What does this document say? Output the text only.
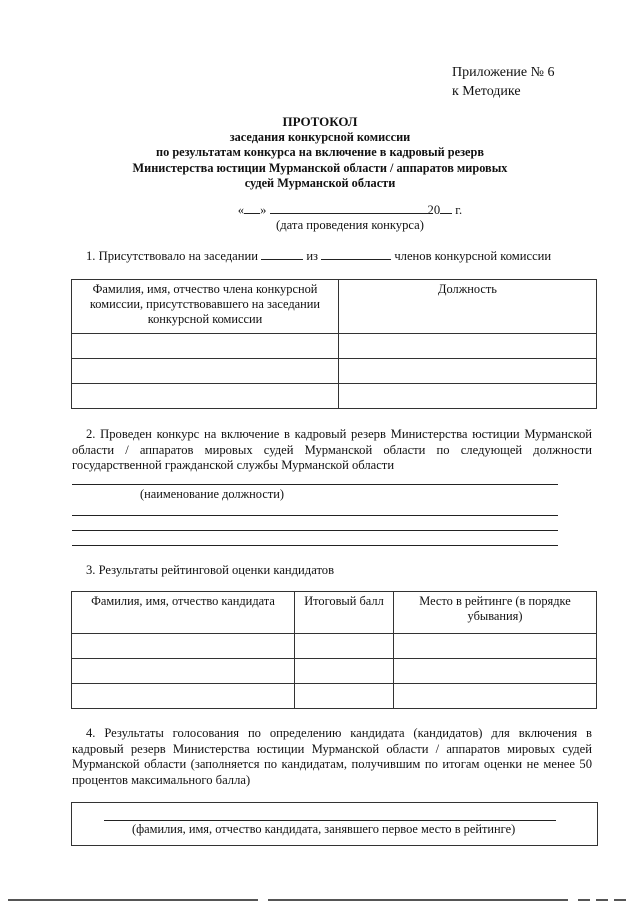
Приложение № 6
к Методике
ПРОТОКОЛ
заседания конкурсной комиссии
по результатам конкурса на включение в кадровый резерв
Министерства юстиции Мурманской области / аппаратов мировых
судей Мурманской области
« »	20 г.
(дата проведения конкурса)
1. Присутствовало на заседании	из	членов конкурсной комиссии
Фамилия, имя, отчество члена конкурсной комиссии, присутствовавшего на заседании конкурсной комиссии	Должность

2. Проведен конкурс на включение в кадровый резерв Министерства юстиции Мурманской области / аппаратов мировых судей Мурманской области по следующей должности государственной гражданской службы Мурманской области
(наименование должности)
3. Результаты рейтинговой оценки кандидатов
Фамилия, имя, отчество кандидата	Итоговый балл	Место в рейтинге (в порядке убывания)

4. Результаты голосования по определению кандидата (кандидатов) для включения в кадровый резерв Министерства юстиции Мурманской области / аппаратов мировых судей Мурманской области (заполняется по кандидатам, получившим по итогам оценки не менее 50 процентов максимального балла)
(фамилия, имя, отчество кандидата, занявшего первое место в рейтинге)
